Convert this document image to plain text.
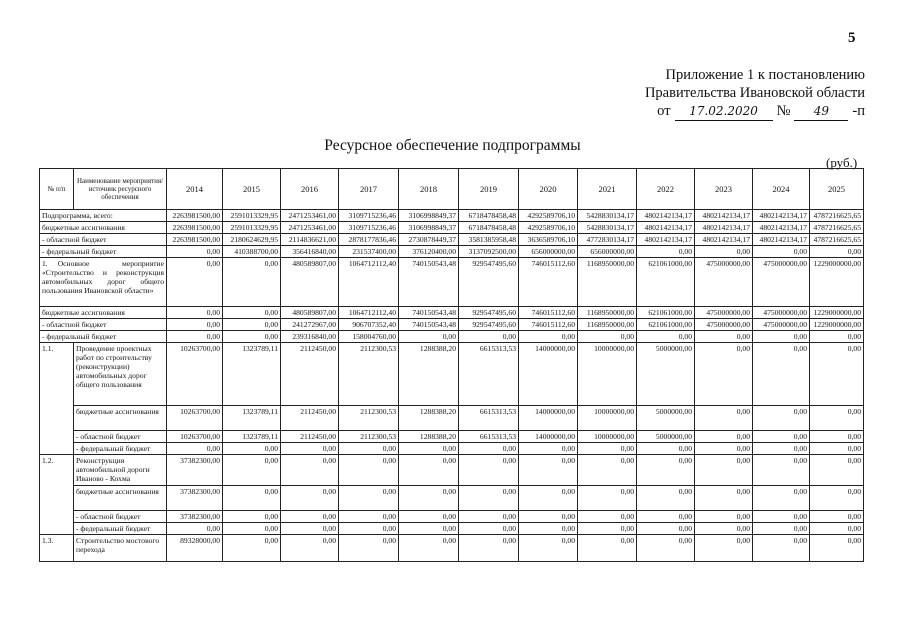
5
Приложение 1 к постановлению
Правительства Ивановской области
от	17.02.2020	№	49	-п
Ресурсное обеспечение подпрограммы
(руб.)
№ п/п	Наименование мероприятия/источник ресурсного обеспечения	2014	2015	2016	2017	2018	2019	2020	2021	2022	2023	2024	2025
Подпрограмма, всего:		2263981500,00	2591013329,95	2471253461,00	3109715236,46	3106998849,37	6718478458,48	4292589706,10	5428830134,17	4802142134,17	4802142134,17	4802142134,17	4787216625,65
бюджетные ассигнования		2263981500,00	2591013329,95	2471253461,00	3109715236,46	3106998849,37	6718478458,48	4292589706,10	5428830134,17	4802142134,17	4802142134,17	4802142134,17	4787216625,65
- областной бюджет		2263981500,00	2180624629,95	2114836621,00	2878177836,46	2730878449,37	3581385958,48	3636589706,10	4772830134,17	4802142134,17	4802142134,17	4802142134,17	4787216625,65
- федеральный бюджет		0,00	410388700,00	356416840,00	231537400,00	376120400,00	3137092500,00	656000000,00	656000000,00	0,00	0,00	0,00	0,00
1. Основное мероприятие «Строительство и реконструкция автомобильных дорог общего пользования Ивановской области»		0,00	0,00	480589807,00	1064712112,40	740150543,48	929547495,60	746015112,60	1168950000,00	621061000,00	475000000,00	475000000,00	1229000000,00
бюджетные ассигнования		0,00	0,00	480589807,00	1064712112,40	740150543,48	929547495,60	746015112,60	1168950000,00	621061000,00	475000000,00	475000000,00	1229000000,00
- областной бюджет		0,00	0,00	241272967,00	906707352,40	740150543,48	929547495,60	746015112,60	1168950000,00	621061000,00	475000000,00	475000000,00	1229000000,00
- федеральный бюджет		0,00	0,00	239316840,00	158004760,00	0,00	0,00	0,00	0,00	0,00	0,00	0,00	0,00
1.1.	Проведение проектных работ по строительству (реконструкции) автомобильных дорог общего пользования	10263700,00	1323789,11	2112450,00	2112300,53	1288388,20	6615313,53	14000000,00	10000000,00	5000000,00	0,00	0,00	0,00
	бюджетные ассигнования	10263700,00	1323789,11	2112450,00	2112300,53	1288388,20	6615313,53	14000000,00	10000000,00	5000000,00	0,00	0,00	0,00
	- областной бюджет	10263700,00	1323789,11	2112450,00	2112300,53	1288388,20	6615313,53	14000000,00	10000000,00	5000000,00	0,00	0,00	0,00
	- федеральный бюджет	0,00	0,00	0,00	0,00	0,00	0,00	0,00	0,00	0,00	0,00	0,00	0,00
1.2.	Реконструкция автомобильной дороги Иваново - Кохма	37382300,00	0,00	0,00	0,00	0,00	0,00	0,00	0,00	0,00	0,00	0,00	0,00
	бюджетные ассигнования	37382300,00	0,00	0,00	0,00	0,00	0,00	0,00	0,00	0,00	0,00	0,00	0,00
	- областной бюджет	37382300,00	0,00	0,00	0,00	0,00	0,00	0,00	0,00	0,00	0,00	0,00	0,00
	- федеральный бюджет	0,00	0,00	0,00	0,00	0,00	0,00	0,00	0,00	0,00	0,00	0,00	0,00
1.3.	Строительство мостового перехода	89328000,00	0,00	0,00	0,00	0,00	0,00	0,00	0,00	0,00	0,00	0,00	0,00
